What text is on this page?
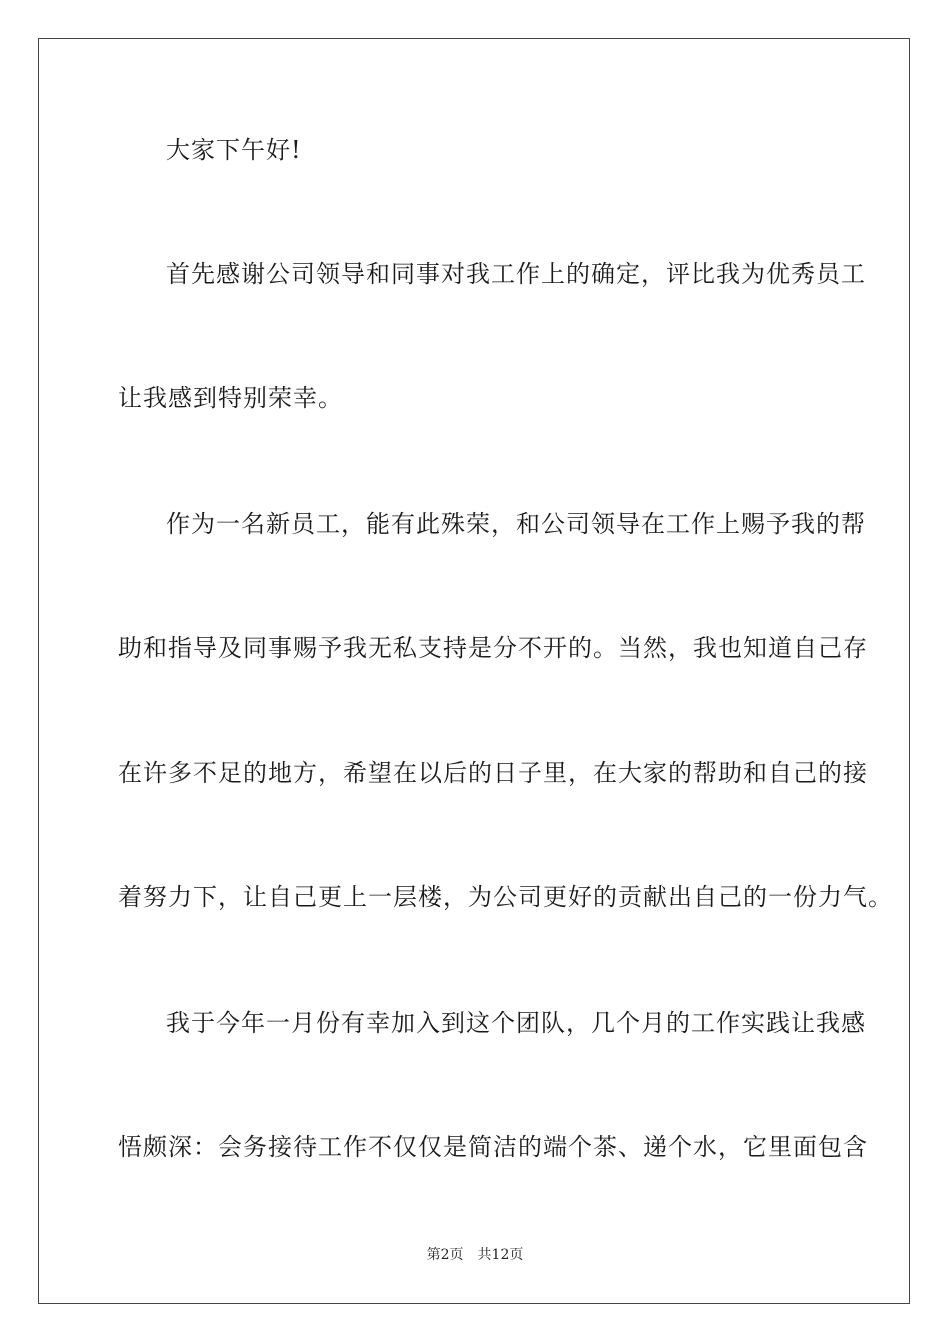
大家下午好!
首先感谢公司领导和同事对我工作上的确定，评比我为优秀员工
让我感到特别荣幸。
作为一名新员工，能有此殊荣，和公司领导在工作上赐予我的帮
助和指导及同事赐予我无私支持是分不开的。当然，我也知道自己存
在许多不足的地方，希望在以后的日子里，在大家的帮助和自己的接
着努力下，让自己更上一层楼，为公司更好的贡献出自己的一份力气。
我于今年一月份有幸加入到这个团队，几个月的工作实践让我感
悟颇深：会务接待工作不仅仅是简洁的端个茶、递个水，它里面包含
第2页 共12页
